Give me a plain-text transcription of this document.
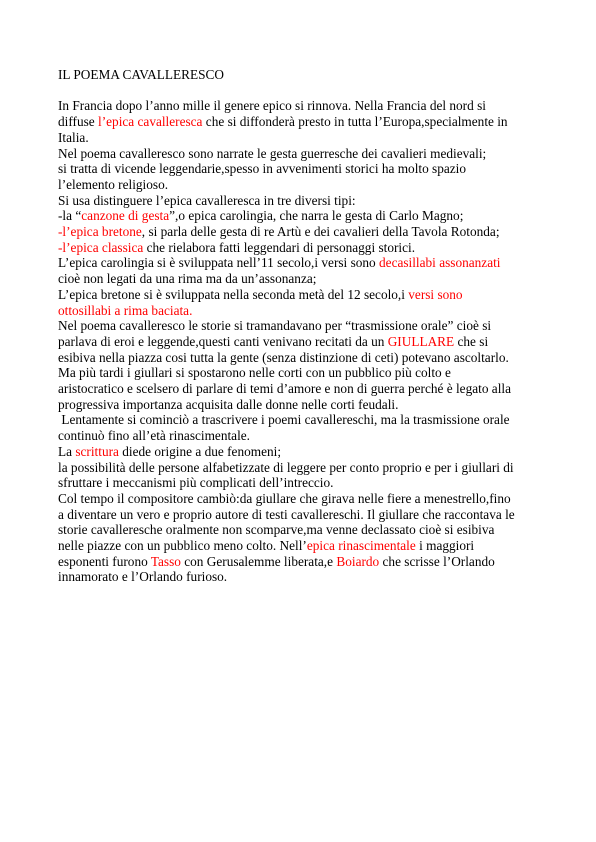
IL POEMA CAVALLERESCO
In Francia dopo l’anno mille il genere epico si rinnova. Nella Francia del nord si
diffuse l’epica cavalleresca che si diffonderà presto in tutta l’Europa,specialmente in
Italia.
Nel poema cavalleresco sono narrate le gesta guerresche dei cavalieri medievali;
si tratta di vicende leggendarie,spesso in avvenimenti storici ha molto spazio
l’elemento religioso.
Si usa distinguere l’epica cavalleresca in tre diversi tipi:
-la “canzone di gesta”,o epica carolingia, che narra le gesta di Carlo Magno;
-l’epica bretone, si parla delle gesta di re Artù e dei cavalieri della Tavola Rotonda;
-l’epica classica che rielabora fatti leggendari di personaggi storici.
L’epica carolingia si è sviluppata nell’11 secolo,i versi sono decasillabi assonanzati
cioè non legati da una rima ma da un’assonanza;
L’epica bretone si è sviluppata nella seconda metà del 12 secolo,i versi sono
ottosillabi a rima baciata.
Nel poema cavalleresco le storie si tramandavano per “trasmissione orale” cioè si
parlava di eroi e leggende,questi canti venivano recitati da un GIULLARE che si
esibiva nella piazza cosi tutta la gente (senza distinzione di ceti) potevano ascoltarlo.
Ma più tardi i giullari si spostarono nelle corti con un pubblico più colto e
aristocratico e scelsero di parlare di temi d’amore e non di guerra perché è legato alla
progressiva importanza acquisita dalle donne nelle corti feudali.
Lentamente si cominciò a trascrivere i poemi cavallereschi, ma la trasmissione orale
continuò fino all’età rinascimentale.
La scrittura diede origine a due fenomeni;
la possibilità delle persone alfabetizzate di leggere per conto proprio e per i giullari di
sfruttare i meccanismi più complicati dell’intreccio.
Col tempo il compositore cambiò:da giullare che girava nelle fiere a menestrello,fino
a diventare un vero e proprio autore di testi cavallereschi. Il giullare che raccontava le
storie cavalleresche oralmente non scomparve,ma venne declassato cioè si esibiva
nelle piazze con un pubblico meno colto. Nell’epica rinascimentale i maggiori
esponenti furono Tasso con Gerusalemme liberata,e Boiardo che scrisse l’Orlando
innamorato e l’Orlando furioso.
